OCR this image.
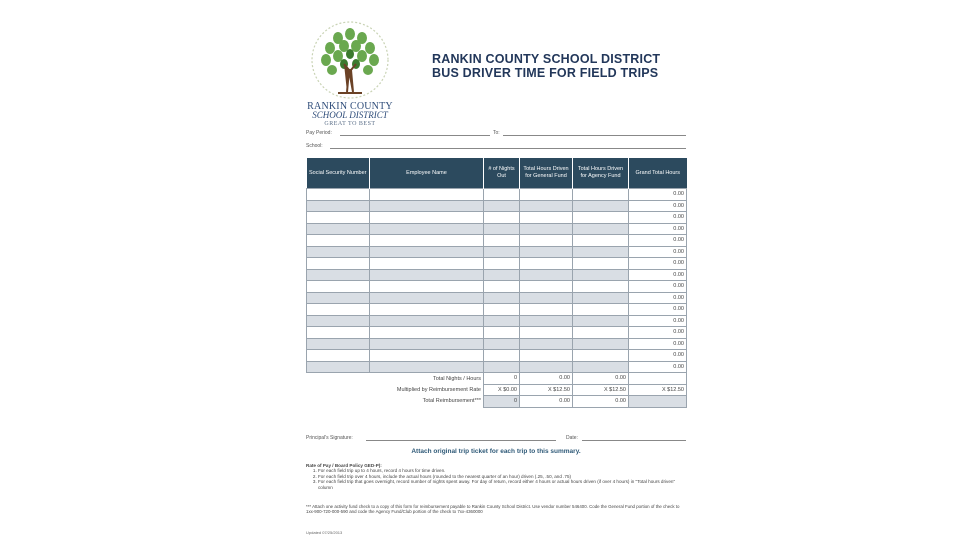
RANKIN COUNTY
SCHOOL DISTRICT
GREAT TO BEST
RANKIN COUNTY SCHOOL DISTRICT
BUS DRIVER TIME FOR FIELD TRIPS
Pay Period:	To:
School:
Social Security Number	Employee Name	# of Nights Out	Total Hours Driven for General Fund	Total Hours Driven for Agency Fund	Grand Total Hours
					0.00
					0.00
					0.00
					0.00
					0.00
					0.00
					0.00
					0.00
					0.00
					0.00
					0.00
					0.00
					0.00
					0.00
					0.00
					0.00
Total Nights / Hours		0	0.00	0.00	
Multiplied by Reimbursement Rate		X $0.00	X $12.50	X $12.50	X $12.50
Total Reimbursement***		0	0.00	0.00	
Principal's Signature:	Date:
Attach original trip ticket for each trip to this summary.
Rate of Pay / Board Policy GED-P):
1. For each field trip up to 4 hours, record 4 hours for time driven.
2. For each field trip over 4 hours, include the actual hours (rounded to the nearest quarter of an hour) driven (.25, .50, and .75)
3. For each field trip that goes overnight, record number of nights spent away. For day of return, record either 4 hours or actual hours driven (if over 4 hours) in "Total hours driven" column
*** Attach one activity fund check to a copy of this form for reimbursement payable to Rankin County School District. Use vendor number 546400. Code the General Fund portion of the check to 1xx-900-720-000-590 and code the Agency Fund/Club portion of the check to 7xx-4360000
Updated 07/25/2013
